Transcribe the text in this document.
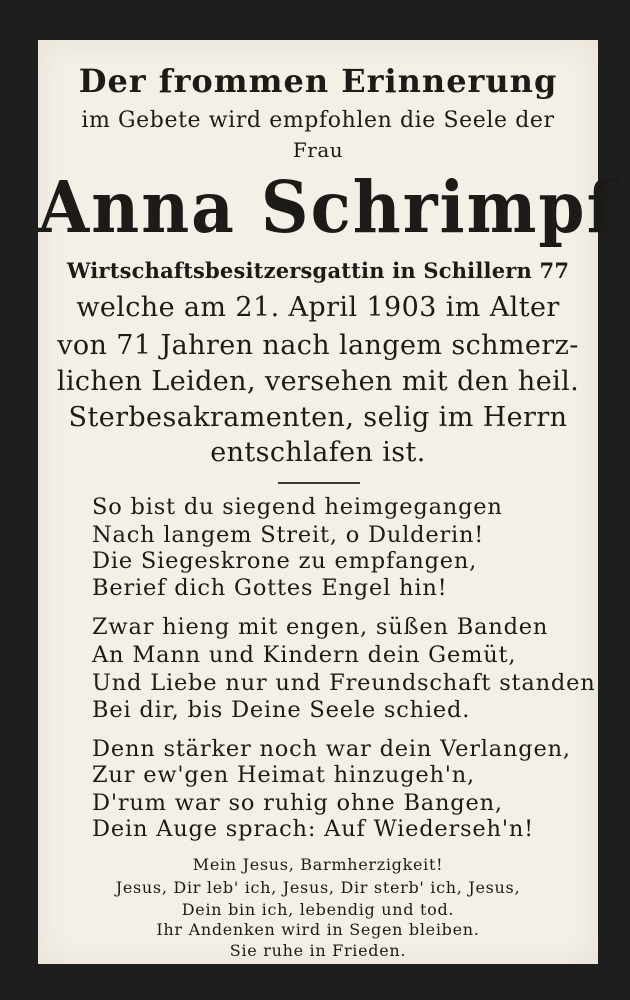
Der frommen Erinnerung
im Gebete wird empfohlen die Seele der
Frau
Anna Schrimpf
Wirtschaftsbesitzersgattin in Schillern 77
welche am 21. April 1903 im Alter
von 71 Jahren nach langem schmerz-
lichen Leiden, versehen mit den heil.
Sterbesakramenten, selig im Herrn
entschlafen ist.
So bist du siegend heimgegangen
Nach langem Streit, o Dulderin!
Die Siegeskrone zu empfangen,
Berief dich Gottes Engel hin!
Zwar hieng mit engen, süßen Banden
An Mann und Kindern dein Gemüt,
Und Liebe nur und Freundschaft standen
Bei dir, bis Deine Seele schied.
Denn stärker noch war dein Verlangen,
Zur ew'gen Heimat hinzugeh'n,
D'rum war so ruhig ohne Bangen,
Dein Auge sprach: Auf Wiederseh'n!
Mein Jesus, Barmherzigkeit!
Jesus, Dir leb' ich, Jesus, Dir sterb' ich, Jesus,
Dein bin ich, lebendig und tod.
Ihr Andenken wird in Segen bleiben.
Sie ruhe in Frieden.
